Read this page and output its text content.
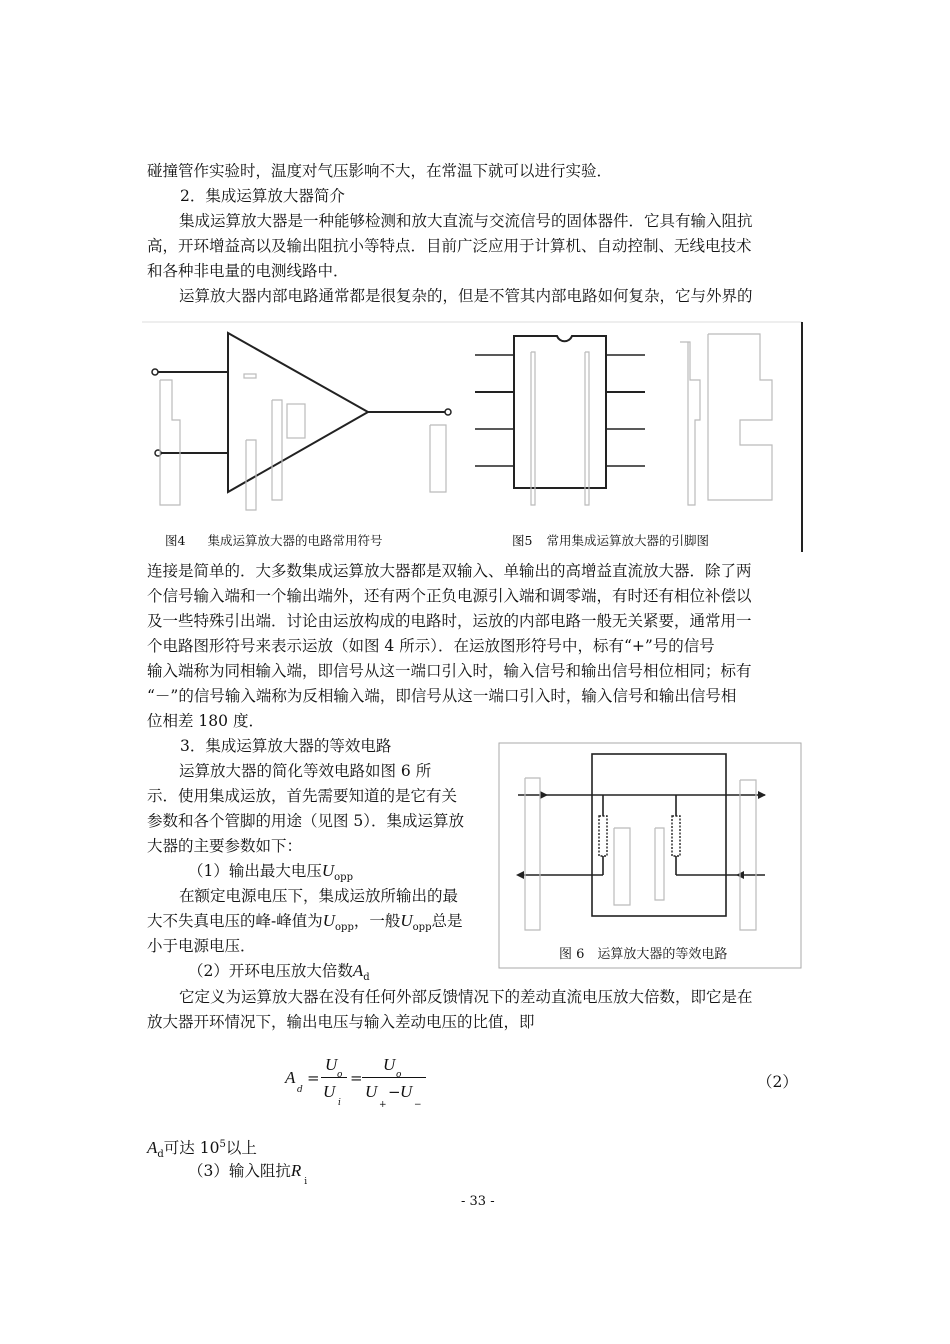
碰撞管作实验时，温度对气压影响不大，在常温下就可以进行实验．
2．集成运算放大器简介
集成运算放大器是一种能够检测和放大直流与交流信号的固体器件．它具有输入阻抗
高，开环增益高以及输出阻抗小等特点．目前广泛应用于计算机、自动控制、无线电技术
和各种非电量的电测线路中．
运算放大器内部电路通常都是很复杂的，但是不管其内部电路如何复杂，它与外界的
图4 集成运算放大器的电路常用符号	图5 常用集成运算放大器的引脚图
连接是简单的．大多数集成运算放大器都是双输入、单输出的高增益直流放大器．除了两
个信号输入端和一个输出端外，还有两个正负电源引入端和调零端，有时还有相位补偿以
及一些特殊引出端．讨论由运放构成的电路时，运放的内部电路一般无关紧要，通常用一
个电路图形符号来表示运放（如图 4 所示）．在运放图形符号中，标有“+”号的信号
输入端称为同相输入端，即信号从这一端口引入时，输入信号和输出信号相位相同；标有
“－”的信号输入端称为反相输入端，即信号从这一端口引入时，输入信号和输出信号相
位相差 180 度．
3．集成运算放大器的等效电路
运算放大器的简化等效电路如图 6 所
示．使用集成运放，首先需要知道的是它有关
参数和各个管脚的用途（见图 5）．集成运算放
大器的主要参数如下：
（1）输出最大电压$U_{opp}$
在额定电源电压下，集成运放所输出的最
大不失真电压的峰-峰值为$U_{opp}$，一般$U_{opp}$总是
小于电源电压．
（2）开环电压放大倍数$A_d$
图 6　运算放大器的等效电路
它定义为运算放大器在没有任何外部反馈情况下的差动直流电压放大倍数，即它是在
放大器开环情况下，输出电压与输入差动电压的比值，即
A
d
=
U
o
U
i
=
U
o
U
+
− U
−
（2）
$A_d$可达 $10^5$以上
（3）输入阻抗$R_i$
- 33 -
